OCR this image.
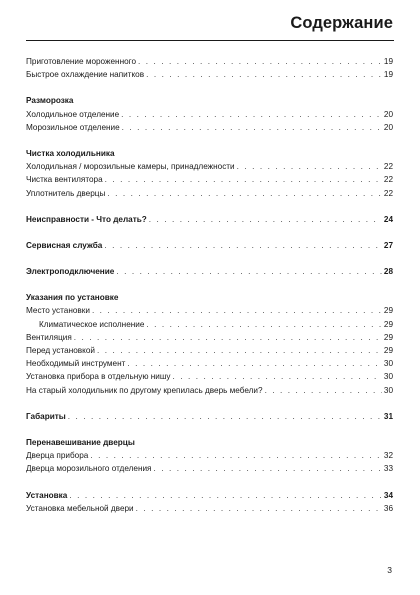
Содержание
Приготовление мороженного . . .	19
Быстрое охлаждение напитков . . .	19
Разморозка
Холодильное отделение . . .	20
Морозильное отделение . . .	20
Чистка холодильника
Холодильная / морозильные камеры, принадлежности . . .	22
Чистка вентилятора . . .	22
Уплотнитель дверцы . . .	22
Неисправности - Что делать? . . .	24
Сервисная служба . . .	27
Электроподключение . . .	28
Указания по установке
Место установки . . .	29
Климатическое исполнение . . .	29
Вентиляция . . .	29
Перед установкой . . .	29
Необходимый инструмент . . .	30
Установка прибора в отдельную нишу . . .	30
На старый холодильник по другому крепилась дверь мебели? . . .	30
Габариты . . .	31
Перенавешивание дверцы
Дверца прибора . . .	32
Дверца морозильного отделения . . .	33
Установка . . .	34
Установка мебельной двери . . .	36
3
